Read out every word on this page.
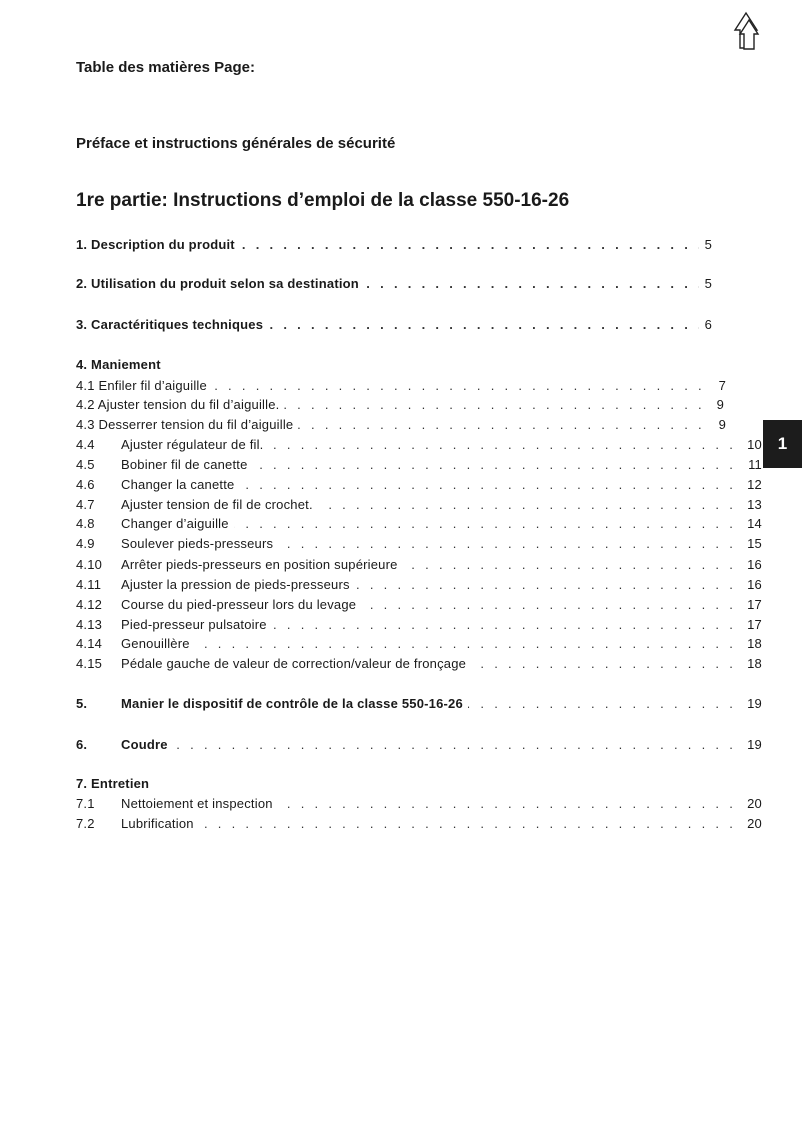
Table des matières Page:
Préface et instructions générales de sécurité
1re partie: Instructions d’emploi de la classe 550-16-26
. . .
1. Description du produit	5
. . .
2. Utilisation du produit selon sa destination	5
. . .
3. Caractéritiques techniques	6
4. Maniement
. . .
4.1 Enfiler fil d’aiguille	7
. . .
4.2 Ajuster tension du fil d’aiguille.	9
. . .
4.3 Desserrer tension du fil d’aiguille	9
4.4 . . . Ajuster régulateur de fil.	10
4.5 . . . Bobiner fil de canette	11
4.6 . . . Changer la canette	12
4.7 . . . Ajuster tension de fil de crochet.	13
4.8 . . . Changer d’aiguille	14
4.9 . . . Soulever pieds-presseurs	15
4.10 . . . Arrêter pieds-presseurs en position supérieure	16
4.11 . . . Ajuster la pression de pieds-presseurs	16
4.12 . . . Course du pied-presseur lors du levage	17
4.13 . . . Pied-presseur pulsatoire	17
4.14 . . . Genouillère	18
4.15 . . . Pédale gauche de valeur de correction/valeur de fronçage	18
5. . . .	Manier le dispositif de contrôle de la classe 550-16-26	19
6. . . .	Coudre	19
7. Entretien
7.1 . . . Nettoiement et inspection	20
7.2 . . . Lubrification	20
1
